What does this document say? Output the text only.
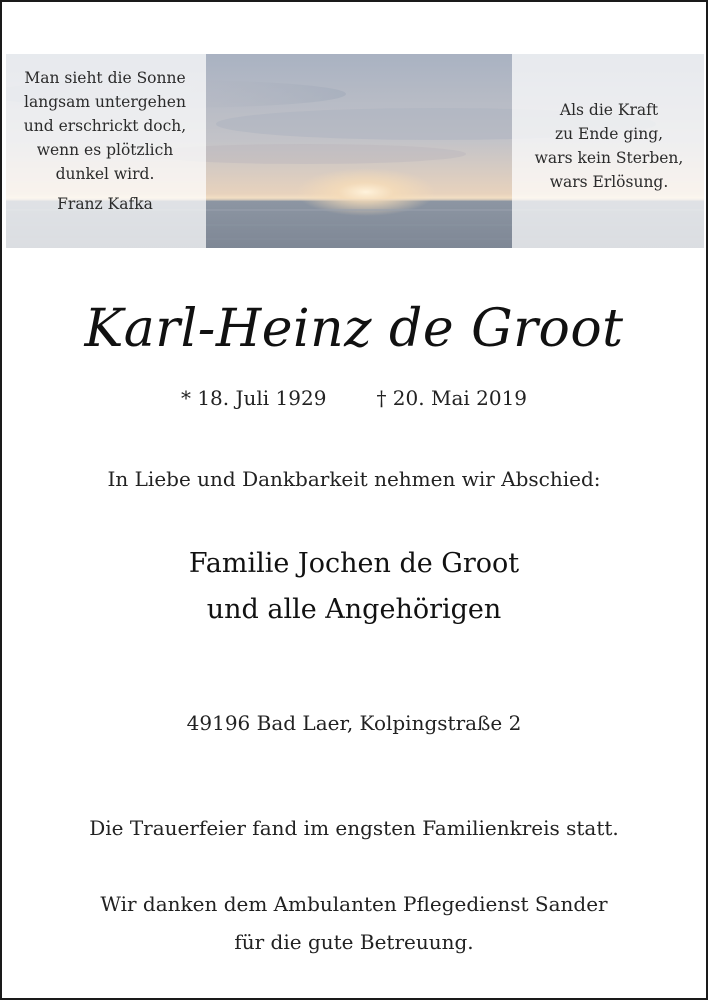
Man sieht die Sonne
langsam untergehen
und erschrickt doch,
wenn es plötzlich
dunkel wird.
Franz Kafka
Als die Kraft
zu Ende ging,
wars kein Sterben,
wars Erlösung.
Karl-Heinz de Groot
* 18. Juli 1929	† 20. Mai 2019
In Liebe und Dankbarkeit nehmen wir Abschied:
Familie Jochen de Groot
und alle Angehörigen
49196 Bad Laer, Kolpingstraße 2
Die Trauerfeier fand im engsten Familienkreis statt.
Wir danken dem Ambulanten Pflegedienst Sander
für die gute Betreuung.
